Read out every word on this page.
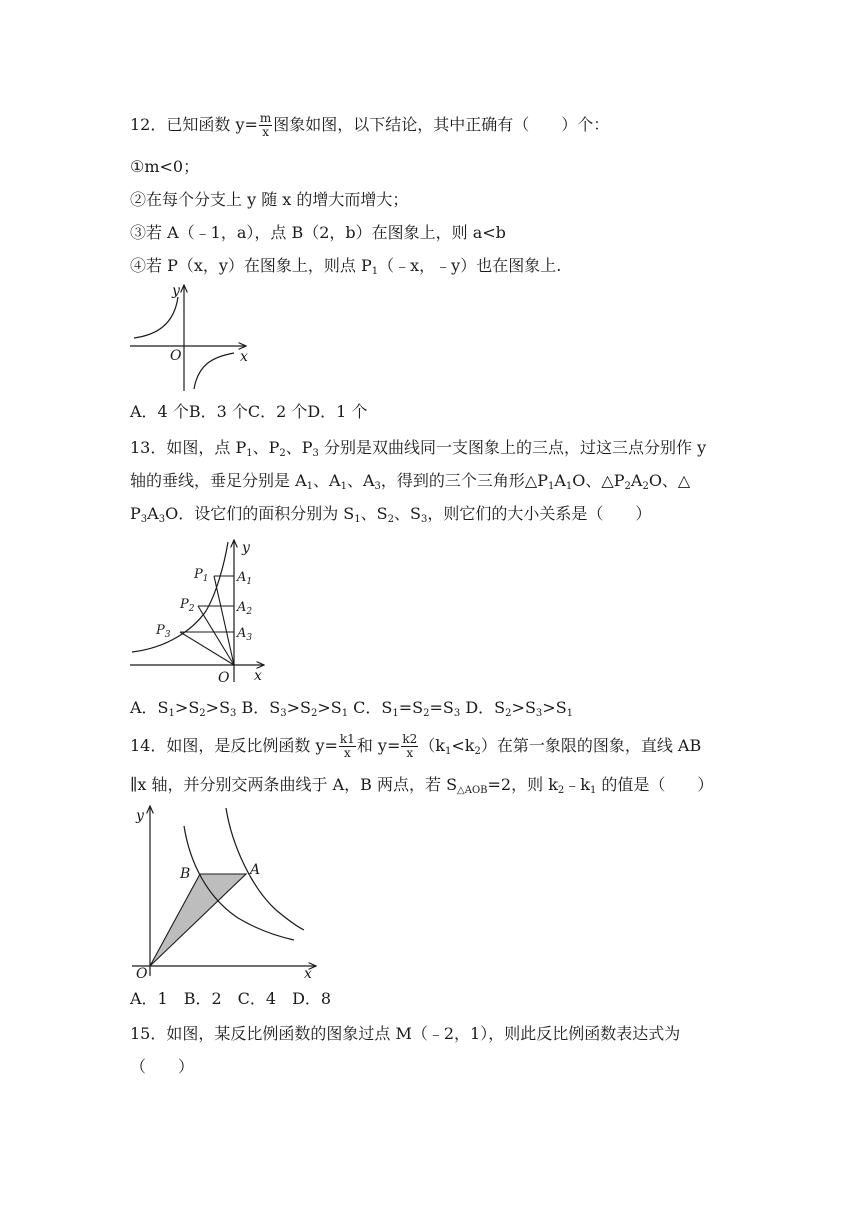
12．已知函数 $y= \frac{m}{x}$ 图象如图，以下结论，其中正确有（　　）个：
①m<0；
②在每个分支上 y 随 x 的增大而增大；
③若 A（﹣1，a），点 B（2，b）在图象上，则 a<b
④若 P（x，y）在图象上，则点 $P_1(﹣x$，﹣y）也在图象上.
y
x
O
A．4 个B．3 个C．2 个D．1 个
13．如图，点 $P_1$、$P_2$、$P_3$ 分别是双曲线同一支图象上的三点，过这三点分别作 y
轴的垂线，垂足分别是 $A_1$、$A_1$、$A_3$，得到的三个三角形$\triangle P_1A_1O$、$\triangle P_2A_2O$、△
$P_3A_3O$．设它们的面积分别为 $S_1$、$S_2$、$S_3$，则它们的大小关系是（　　）
y
x
O
$P_1$
$P_2$
$P_3$
$A_1$
$A_2$
$A_3$
A．$S_1>S_2>S_3$ B．$S_3>S_2>S_1$ C．$S_1=S_2=S_3$ D．$S_2>S_3>S_1$
14．如图，是反比例函数 $y= \frac{k1}{x}$ 和 $y= \frac{k2}{x} (k_1<k_2)$在第一象限的图象，直线 AB
∥x 轴，并分别交两条曲线于 A，B 两点，若 $S_{\triangle AOB}=2$，则 $k_2﹣k_1$ 的值是（　　）
y
x
O
B	A
A．1　B．2　C．4　D．8
15．如图，某反比例函数的图象过点 M（﹣2，1），则此反比例函数表达式为
（　　）
